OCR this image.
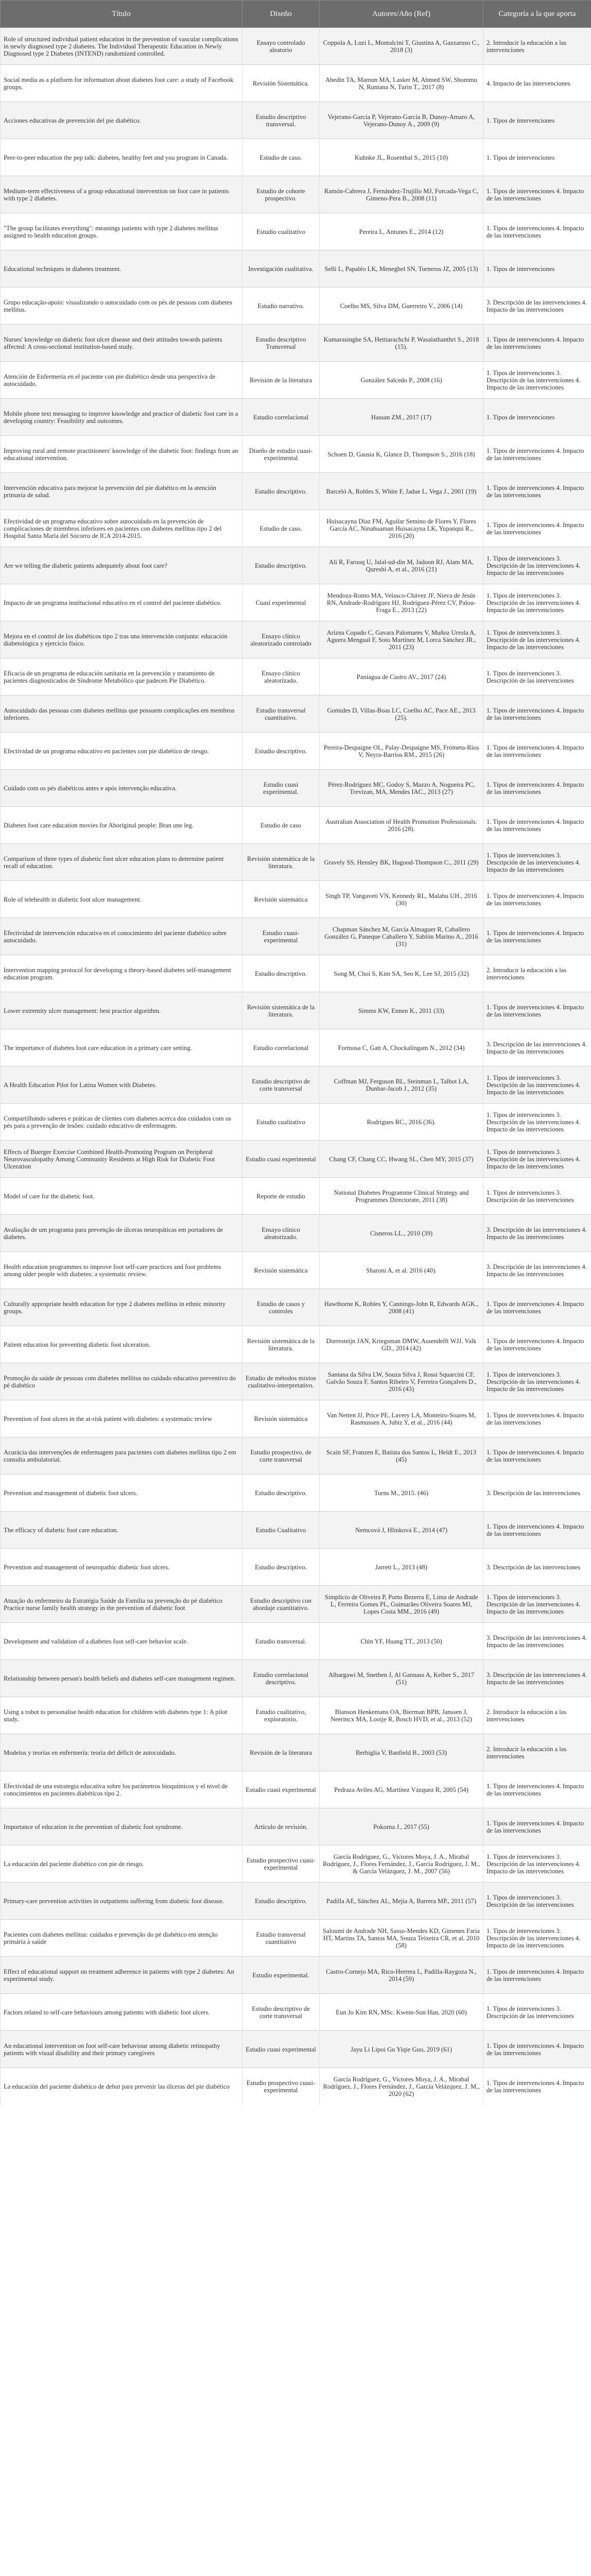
Título	Diseño	Autores/Año (Ref)	Categoría a la que aporta
Role of structured individual patient education in the prevention of vascular complications in newly diagnosed type 2 diabetes. The Individual Therapeutic Education in Newly Diagnosed type 2 Diabetes (INTEND) randomized controlled.	Ensayo controlado aleatorio	Coppola A, Luzi L, Montalcini T, Giustina A, Gazzaruso C., 2018 (3)	2. Introducir la educación a las intervenciones
Social media as a platform for information about diabetes foot care: a study of Facebook groups.	Revisión Sistemática.	Abedin TA, Mamun MA, Lasker M, Ahmed SW, Shommu N, Rumana N, Turin T., 2017 (8)	4. Impacto de las intervenciones
Acciones educativas de prevención del pie diabético.	Estudio descriptivo transversal.	Vejerano-García P, Vejerano-García B, Dunoy-Amaro A, Vejerano-Dunoy A., 2009 (9)	1. Tipos de intervenciones
Peer-to-peer education the pep talk: diabetes, healthy feet and you program in Canada.	Estudio de caso.	Kuhnke JL, Rosenthal S., 2015 (10)	1. Tipos de intervenciones
Medium-term effectiveness of a group educational intervention on foot care in patients with type 2 diabetes.	Estudio de cohorte prospectivo.	Ramón-Cabrera J, Fernández-Trujillo MJ, Forcada-Vega C, Gimeno-Pera B., 2008 (11)	1. Tipos de intervenciones 4. Impacto de las intervenciones
"The group facilitates everything": meanings patients with type 2 diabetes mellitus assigned to health education groups.	Estudio cualitativo	Pereira L, Antunes E., 2014 (12)	1. Tipos de intervenciones 4. Impacto de las intervenciones
Educational techniques in diabetes treatment.	Investigación cualitativa.	Selli L, Papaléo LK, Meneghel SN, Torneros JZ, 2005 (13)	1. Tipos de intervenciones
Grupo educação-apoio: visualizando o autocuidado com os pés de pessoas com diabetes mellitus.	Estudio narrativo.	Coelho MS, Silva DM, Guerreiro V., 2006 (14)	3. Descripción de las intervenciones 4. Impacto de las intervenciones
Nurses' knowledge on diabetic foot ulcer disease and their attitudes towards patients affected: A cross-sectional institution-based study.	Estudio descriptivo Transversal	Kumarasinghe SA, Hettiarachchi P, Wasalathanthri S., 2018 (15).	1. Tipos de intervenciones 4. Impacto de las intervenciones
Atención de Enfermería en el paciente con pie diabético desde una perspectiva de autocuidado.	Revisión de la literatura	González Salcedo P., 2008 (16)	1. Tipos de intervenciones 3. Descripción de las intervenciones 4. Impacto de las intervenciones
Mobile phone text messaging to improve knowledge and practice of diabetic foot care in a developing country: Feasibility and outcomes.	Estudio correlacional	Hassan ZM., 2017 (17)	1. Tipos de intervenciones
Improving rural and remote practitioners' knowledge of the diabetic foot: findings from an educational intervention.	Diseño de estudio cuasi-experimental	Schoen D, Gausia K, Glance D, Thompson S., 2016 (18)	1. Tipos de intervenciones 4. Impacto de las intervenciones
Intervención educativa para mejorar la prevención del pie diabético en la atención primaria de salud.	Estudio descriptivo.	Barceló A, Robles S, White F, Jadue L, Vega J., 2001 (19)	1. Tipos de intervenciones 4. Impacto de las intervenciones
Efectividad de un programa educativo sobre autocuidado en la prevención de complicaciones de miembros inferiores en pacientes con diabetes mellitus tipo 2 del Hospital Santa María del Socorro de ICA 2014-2015.	Estudio de caso.	Huisacayna Díaz FM, Aguilar Semino de Flores Y, Flores García AC, Ninahuaman Huisacayna LK, Yupanqui R., 2016 (20)	1. Tipos de intervenciones 4. Impacto de las intervenciones
Are we telling the diabetic patients adequately about foot care?	Estudio descriptivo.	Ali R, Farooq U, Jalal-ud-din M, Jadoon RJ, Alam MA, Qureshi A, et al., 2016 (21)	1. Tipos de intervenciones 3. Descripción de las intervenciones 4. Impacto de las intervenciones
Impacto de un programa institucional educativo en el control del paciente diabético.	Cuasi experimental	Mendoza-Romo MA, Velasco-Chávez JF, Nieva de Jesús RN, Andrade-Rodríguez HJ, Rodríguez-Pérez CV, Palou-Fraga E., 2013 (22)	1. Tipos de intervenciones 3. Descripción de las intervenciones 4. Impacto de las intervenciones
Mejora en el control de los diabéticos tipo 2 tras una intervención conjunta: educación diabetológica y ejercicio físico.	Ensayo clínico aleatorizado controlado	Arizna Copado C, Gavara Palomares V, Muñoz Urrola A, Aguera Mengual F, Soto Martínez M, Lorca Sánchez JR., 2011 (23)	1. Tipos de intervenciones 3. Descripción de las intervenciones 4. Impacto de las intervenciones
Eficacia de un programa de educación sanitaria en la prevención y tratamiento de pacientes diagnosticados de Síndrome Metabólico que padecen Pie Diabético.	Ensayo clínico aleatorizado.	Paniagua de Castro AV., 2017 (24)	1. Tipos de intervenciones 3. Descripción de las intervenciones
Autocuidado das pessoas com diabetes mellitus que possuem complicações em membros inferiores.	Estudio transversal cuantitativo.	Gomides D, Villas-Boas LC, Coelho AC, Pace AE., 2013 (25).	1. Tipos de intervenciones 4. Impacto de las intervenciones
Efectividad de un programa educativo en pacientes con pie diabético de riesgo.	Estudio descriptivo.	Pereira-Despaigne OL, Palay-Despaigne MS, Frómeta-Ríos V, Neyra-Barrios RM., 2015 (26)	1. Tipos de intervenciones 4. Impacto de las intervenciones
Cuidado com os pés diabéticos antes e após intervenção educativa.	Estudio cuasi experimental.	Pérez-Rodríguez MC, Godoy S, Mazzo A, Nogueira PC, Trevizan, MA, Mendes IAC., 2013 (27)	1. Tipos de intervenciones 4. Impacto de las intervenciones
Diabetes foot care education movies for Aboriginal people: Bran une leg.	Estudio de caso	Australian Association of Health Promotion Professionals. 2016 (28).	1. Tipos de intervenciones 4. Impacto de las intervenciones
Comparison of three types of diabetic foot ulcer education plans to determine patient recall of education.	Revisión sistemática de la literatura.	Gravely SS, Hensley BK, Hagood-Thompson C., 2011 (29)	1. Tipos de intervenciones 3. Descripción de las intervenciones 4. Impacto de las intervenciones
Role of telehealth in diabetic foot ulcer management.	Revisión sistemática	Singh TP, Vangaveti VN, Kennedy RL, Malabu UH., 2016 (30)	1. Tipos de intervenciones 4. Impacto de las intervenciones
Efectividad de intervención educativa en el conocimiento del paciente diabético sobre autocuidado.	Estudio cuasi-experimental	Chapman Sánchez M, García Almaguer R, Caballero González G, Paneque Caballero Y, Sablón Marino A., 2016 (31)	1. Tipos de intervenciones 4. Impacto de las intervenciones
Intervention mapping protocol for developing a theory-based diabetes self-management education program.	Estudio descriptivo.	Song M, Choi S, Kim SA, Seo K, Lee SJ, 2015 (32)	2. Introducir la educación a las intervenciones
Lower extremity ulcer management: best practice algorithm.	Revisión sistemática de la literatura.	Simms KW, Ennen K., 2011 (33)	1. Tipos de intervenciones 4. Impacto de las intervenciones
The importance of diabetes foot care education in a primary care setting.	Estudio correlacional	Formosa C, Gatt A, Chockalingam N., 2012 (34)	3. Descripción de las intervenciones 4. Impacto de las intervenciones
A Health Education Pilot for Latina Women with Diabetes.	Estudio descriptivo de corte transversal	Coffman MJ, Ferguson BL, Steinman L, Talbot LA, Dunbar-Jacob J., 2012 (35)	1. Tipos de intervenciones 3. Descripción de las intervenciones 4. Impacto de las intervenciones
Compartilhando saberes e práticas de clientes com diabetes acerca dos cuidados com os pés para a prevenção de lesões: cuidado educativo de enfermagem.	Estudio cualitativo	Rodrigues RC., 2016 (36).	1. Tipos de intervenciones 3. Descripción de las intervenciones 4. Impacto de las intervenciones
Effects of Buerger Exercise Combined Health-Promoting Program on Peripheral Neurovasculopathy Among Community Residents at High Risk for Diabetic Foot Ulceration	Estudio cuasi experimental	Chang CF, Chang CC, Hwang SL, Chen MY, 2015 (37)	1. Tipos de intervenciones 3. Descripción de las intervenciones 4. Impacto de las intervenciones
Model of care for the diabetic foot.	Reporte de estudio	National Diabetes Programme Clinical Strategy and Programmes Directorate, 2011 (38)	1. Tipos de intervenciones 3. Descripción de las intervenciones
Avaliação de um programa para prevenção de úlceras neuropáticas em portadores de diabetes.	Ensayo clínico aleatorizado.	Cisneros LL., 2010 (39)	3. Descripción de las intervenciones 4. Impacto de las intervenciones
Health education programmes to improve foot self-care practices and foot problems among older people with diabetes: a systematic review.	Revisión sistemática	Sharoni A, et al. 2016 (40).	3. Descripción de las intervenciones 4. Impacto de las intervenciones
Culturally appropriate health education for type 2 diabetes mellitus in ethnic minority groups.	Estudio de casos y controles	Hawthorne K, Robles Y, Cannings-John R, Edwards AGK., 2008 (41)	1. Tipos de intervenciones 4. Impacto de las intervenciones
Patient education for preventing diabetic foot ulceration.	Revisión sistemática de la literatura.	Dorresteijn JAN, Kriegsman DMW, Assendelft WJJ, Valk GD., 2014 (42)	1. Tipos de intervenciones 4. Impacto de las intervenciones
Promoção da saúde de pessoas com diabetes mellitus no cuidado educativo preventivo do pé diabético	Estudio de métodos mixtos cualitativo-interpretativo.	Santana da Silva LW, Souza Silva J, Rossi Squarcini CF, Galvão Souza F, Santos Ribeiro V, Ferreira Gonçalves D., 2016 (43)	1. Tipos de intervenciones 3. Descripción de las intervenciones 4. Impacto de las intervenciones
Prevention of foot ulcers in the at-risk patient with diabetes: a systematic review	Revisión sistemática	Van Netten JJ, Price PE, Lavery LA, Monteiro-Soares M, Rasmussen A, Jubiz Y, et al., 2016 (44)	1. Tipos de intervenciones 4. Impacto de las intervenciones
Acurácia das intervenções de enfermagem para pacientes com diabetes mellitus tipo 2 em consulta ambulatorial.	Estudio prospectivo, de corte transversal	Scain SF, Franzen E, Batista dos Santos L, Heldt E., 2013 (45)	1. Tipos de intervenciones 4. Impacto de las intervenciones
Prevention and management of diabetic foot ulcers.	Estudio descriptivo.	Turns M., 2015. (46)	3. Descripción de las intervenciones
The efficacy of diabetic foot care education.	Estudio Cualitativo	Nemcová J, Hlinková E., 2014 (47)	1. Tipos de intervenciones 4. Impacto de las intervenciones
Prevention and management of neuropathic diabetic foot ulcers.	Estudio descriptivo.	Jarrett L., 2013 (48)	3. Descripción de las intervenciones
Atuação do enfermeiro da Estratégia Saúde da Família na prevenção do pé diabético Practice nurse family health strategy in the prevention of diabetic foot	Estudio descriptivo con abordaje cuantitativo.	Simplício de Oliveira P, Porto Bezerra E, Lima de Andrade L, Ferreira Gomes PL, Guimarães Oliveira Soares MJ, Lopes Costa MM., 2016 (49)	1. Tipos de intervenciones 3. Descripción de las intervenciones 4. Impacto de las intervenciones
Development and validation of a diabetes foot self-care behavior scale.	Estudio transversal.	Chin YF, Huang TT., 2013 (50)	3. Descripción de las intervenciones 4. Impacto de las intervenciones
Relationship between person's health beliefs and diabetes self-care management regimen.	Estudio correlacional descriptivo.	Albargawi M, Snethen J, Al Gannass A, Kelber S., 2017 (51)	3. Descripción de las intervenciones 4. Impacto de las intervenciones
Using a robot to personalise health education for children with diabetes type 1: A pilot study.	Estudio cualitativo, exploratorio.	Blanson Henkemans OA, Bierman BPB, Janssen J, Neerincx MA, Looije R, Bosch HVD, et al., 2013 (52)	2. Introducir la educación a las intervenciones
Modelos y teorías en enfermería: teoría del déficit de autocuidado.	Revisión de la literatura	Berbiglia V, Banfield B., 2003 (53)	2. Introducir la educación a las intervenciones
Efectividad de una estrategia educativa sobre los parámetros bioquímicos y el nivel de conocimientos en pacientes diabéticos tipo 2.	Estudio cuasi experimental	Pedraza Aviles AG, Martínez Vázquez R, 2005 (54)	1. Tipos de intervenciones 4. Impacto de las intervenciones
Importance of education in the prevention of diabetic foot syndrome.	Artículo de revisión.	Pokorna J., 2017 (55)	1. Tipos de intervenciones 4. Impacto de las intervenciones
La educación del paciente diabético con pie de riesgo.	Estudio prospectivo cuasi-experimental	García Rodríguez, G., Victores Moya, J. A., Mirabal Rodríguez, J., Flores Fernández, J., García Rodríguez, J. M., & García Velázquez, J. M., 2007 (56)	1. Tipos de intervenciones 3. Descripción de las intervenciones 4. Impacto de las intervenciones
Primary-care prevention activities in outpatients suffering from diabetic foot disease.	Estudio descriptivo.	Padilla AE, Sánchez AL, Mejía A, Barrera MP., 2011 (57)	1. Tipos de intervenciones 3. Descripción de las intervenciones
Pacientes com diabetes mellitus: cuidados e prevenção do pé diabético em atenção primária à saúde	Estudio transversal cuantitativo	Saloumi de Andrade NH, Sasso-Mendes KD, Gimenes Faria HT, Martins TA, Santos MA, Souza Teixeira CR, et al. 2010 (58)	1. Tipos de intervenciones 3. Descripción de las intervenciones 4. Impacto de las intervenciones
Effect of educational support on treatment adherence in patients with type 2 diabetes: An experimental study.	Estudio experimental.	Castro-Cornejo MA, Rico-Herrera L, Padilla-Raygoza N., 2014 (59)	1. Tipos de intervenciones 4. Impacto de las intervenciones
Factors related to self-care behaviours among patients with diabetic foot ulcers.	Estudio descriptivo de corte transversal	Eun Jo Kim RN, MSc. Kwem-Sun Han, 2020 (60)	1. Tipos de intervenciones 3. Descripción de las intervenciones
An educational intervention on foot self-care behaviour among diabetic retinopathy patients with visual disability and their primary caregivers	Estudio cuasi experimental	Jayu Li Lipoi Gu Yiqie Guo, 2019 (61)	1. Tipos de intervenciones 4. Impacto de las intervenciones
La educación del paciente diabético de debut para prevenir las úlceras del pie diabético	Estudio prospectivo cuasi-experimental	García Rodríguez, G., Victores Moya, J. A., Mirabal Rodríguez, J., Flores Fernández, J., García Velázquez, J. M., 2020 (62)	1. Tipos de intervenciones 4. Impacto de las intervenciones
